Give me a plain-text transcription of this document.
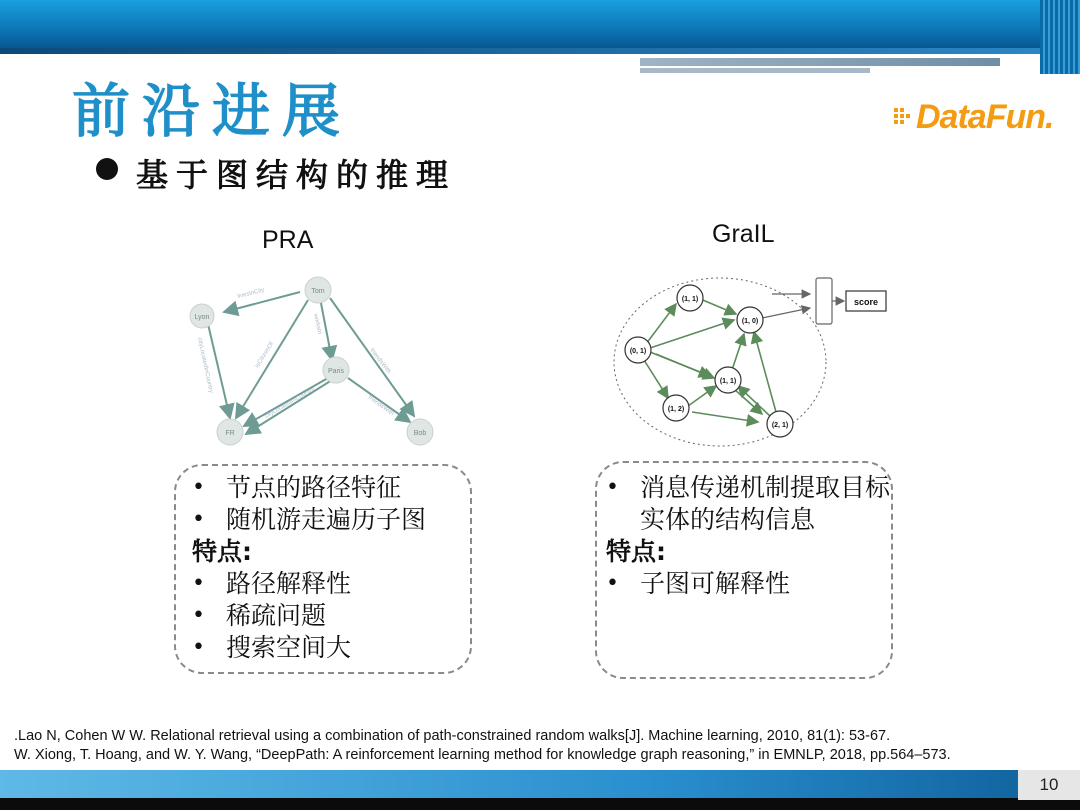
前沿进展	DataFun.
基于图结构的推理
PRA	GraIL
livesInCity
worksIn
isCitizenOf
cityLocatedInCountry
cityLocatedInCountry
friendsWith
friendsWith
Lyon
Tom
Paris
FR	Bob
score
(1, 1)
(1, 0)
(0, 1)
(1, 1)
(1, 2)
(2, 1)
• 节点的路径特征
• 随机游走遍历子图
特点:
• 路径解释性
• 稀疏问题
• 搜索空间大
• 消息传递机制提取目标实体的结构信息
特点:
• 子图可解释性
.Lao N, Cohen W W. Relational retrieval using a combination of path-constrained random walks[J]. Machine learning, 2010, 81(1): 53-67.
W. Xiong, T. Hoang, and W. Y. Wang, “DeepPath: A reinforcement learning method for knowledge graph reasoning,” in EMNLP, 2018, pp.564–573.
10
